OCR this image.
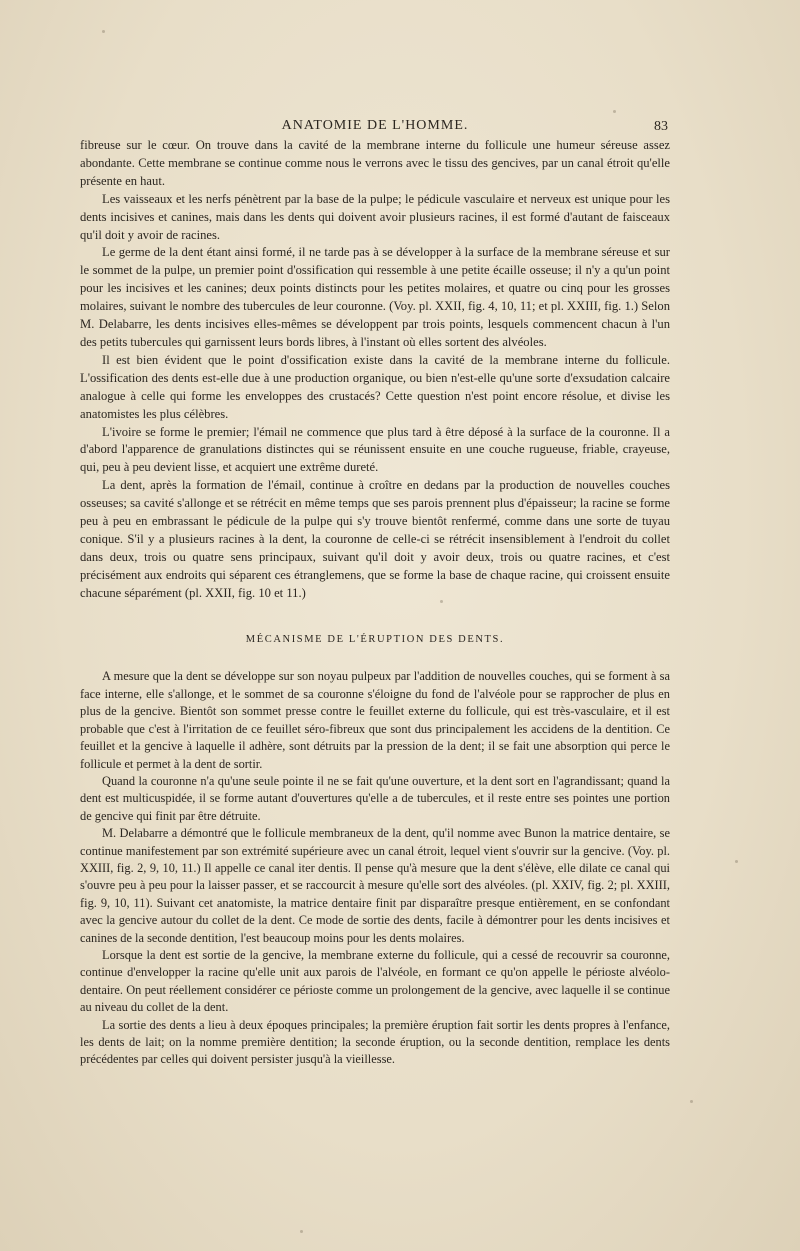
ANATOMIE DE L'HOMME.	83

fibreuse sur le cœur. On trouve dans la cavité de la membrane interne du follicule une humeur séreuse assez abondante. Cette membrane se continue comme nous le verrons avec le tissu des gencives, par un canal étroit qu'elle présente en haut.

Les vaisseaux et les nerfs pénètrent par la base de la pulpe; le pédicule vasculaire et nerveux est unique pour les dents incisives et canines, mais dans les dents qui doivent avoir plusieurs racines, il est formé d'autant de faisceaux qu'il doit y avoir de racines.

Le germe de la dent étant ainsi formé, il ne tarde pas à se développer à la surface de la membrane séreuse et sur le sommet de la pulpe, un premier point d'ossification qui ressemble à une petite écaille osseuse; il n'y a qu'un point pour les incisives et les canines; deux points distincts pour les petites molaires, et quatre ou cinq pour les grosses molaires, suivant le nombre des tubercules de leur couronne. (Voy. pl. XXII, fig. 4, 10, 11; et pl. XXIII, fig. 1.) Selon M. Delabarre, les dents incisives elles-mêmes se développent par trois points, lesquels commencent chacun à l'un des petits tubercules qui garnissent leurs bords libres, à l'instant où elles sortent des alvéoles.

Il est bien évident que le point d'ossification existe dans la cavité de la membrane interne du follicule. L'ossification des dents est-elle due à une production organique, ou bien n'est-elle qu'une sorte d'exsudation calcaire analogue à celle qui forme les enveloppes des crustacés? Cette question n'est point encore résolue, et divise les anatomistes les plus célèbres.

L'ivoire se forme le premier; l'émail ne commence que plus tard à être déposé à la surface de la couronne. Il a d'abord l'apparence de granulations distinctes qui se réunissent ensuite en une couche rugueuse, friable, crayeuse, qui, peu à peu devient lisse, et acquiert une extrême dureté.

La dent, après la formation de l'émail, continue à croître en dedans par la production de nouvelles couches osseuses; sa cavité s'allonge et se rétrécit en même temps que ses parois prennent plus d'épaisseur; la racine se forme peu à peu en embrassant le pédicule de la pulpe qui s'y trouve bientôt renfermé, comme dans une sorte de tuyau conique. S'il y a plusieurs racines à la dent, la couronne de celle-ci se rétrécit insensiblement à l'endroit du collet dans deux, trois ou quatre sens principaux, suivant qu'il doit y avoir deux, trois ou quatre racines, et c'est précisément aux endroits qui séparent ces étranglemens, que se forme la base de chaque racine, qui croissent ensuite chacune séparément (pl. XXII, fig. 10 et 11.)

MÉCANISME DE L'ÉRUPTION DES DENTS.

A mesure que la dent se développe sur son noyau pulpeux par l'addition de nouvelles couches, qui se forment à sa face interne, elle s'allonge, et le sommet de sa couronne s'éloigne du fond de l'alvéole pour se rapprocher de plus en plus de la gencive. Bientôt son sommet presse contre le feuillet externe du follicule, qui est très-vasculaire, et il est probable que c'est à l'irritation de ce feuillet séro-fibreux que sont dus principalement les accidens de la dentition. Ce feuillet et la gencive à laquelle il adhère, sont détruits par la pression de la dent; il se fait une absorption qui perce le follicule et permet à la dent de sortir.

Quand la couronne n'a qu'une seule pointe il ne se fait qu'une ouverture, et la dent sort en l'agrandissant; quand la dent est multicuspidée, il se forme autant d'ouvertures qu'elle a de tubercules, et il reste entre ses pointes une portion de gencive qui finit par être détruite.

M. Delabarre a démontré que le follicule membraneux de la dent, qu'il nomme avec Bunon la matrice dentaire, se continue manifestement par son extrémité supérieure avec un canal étroit, lequel vient s'ouvrir sur la gencive. (Voy. pl. XXIII, fig. 2, 9, 10, 11.) Il appelle ce canal iter dentis. Il pense qu'à mesure que la dent s'élève, elle dilate ce canal qui s'ouvre peu à peu pour la laisser passer, et se raccourcit à mesure qu'elle sort des alvéoles. (pl. XXIV, fig. 2; pl. XXIII, fig. 9, 10, 11). Suivant cet anatomiste, la matrice dentaire finit par disparaître presque entièrement, en se confondant avec la gencive autour du collet de la dent. Ce mode de sortie des dents, facile à démontrer pour les dents incisives et canines de la seconde dentition, l'est beaucoup moins pour les dents molaires.

Lorsque la dent est sortie de la gencive, la membrane externe du follicule, qui a cessé de recouvrir sa couronne, continue d'envelopper la racine qu'elle unit aux parois de l'alvéole, en formant ce qu'on appelle le périoste alvéolo-dentaire. On peut réellement considérer ce périoste comme un prolongement de la gencive, avec laquelle il se continue au niveau du collet de la dent.

La sortie des dents a lieu à deux époques principales; la première éruption fait sortir les dents propres à l'enfance, les dents de lait; on la nomme première dentition; la seconde éruption, ou la seconde dentition, remplace les dents précédentes par celles qui doivent persister jusqu'à la vieillesse.
